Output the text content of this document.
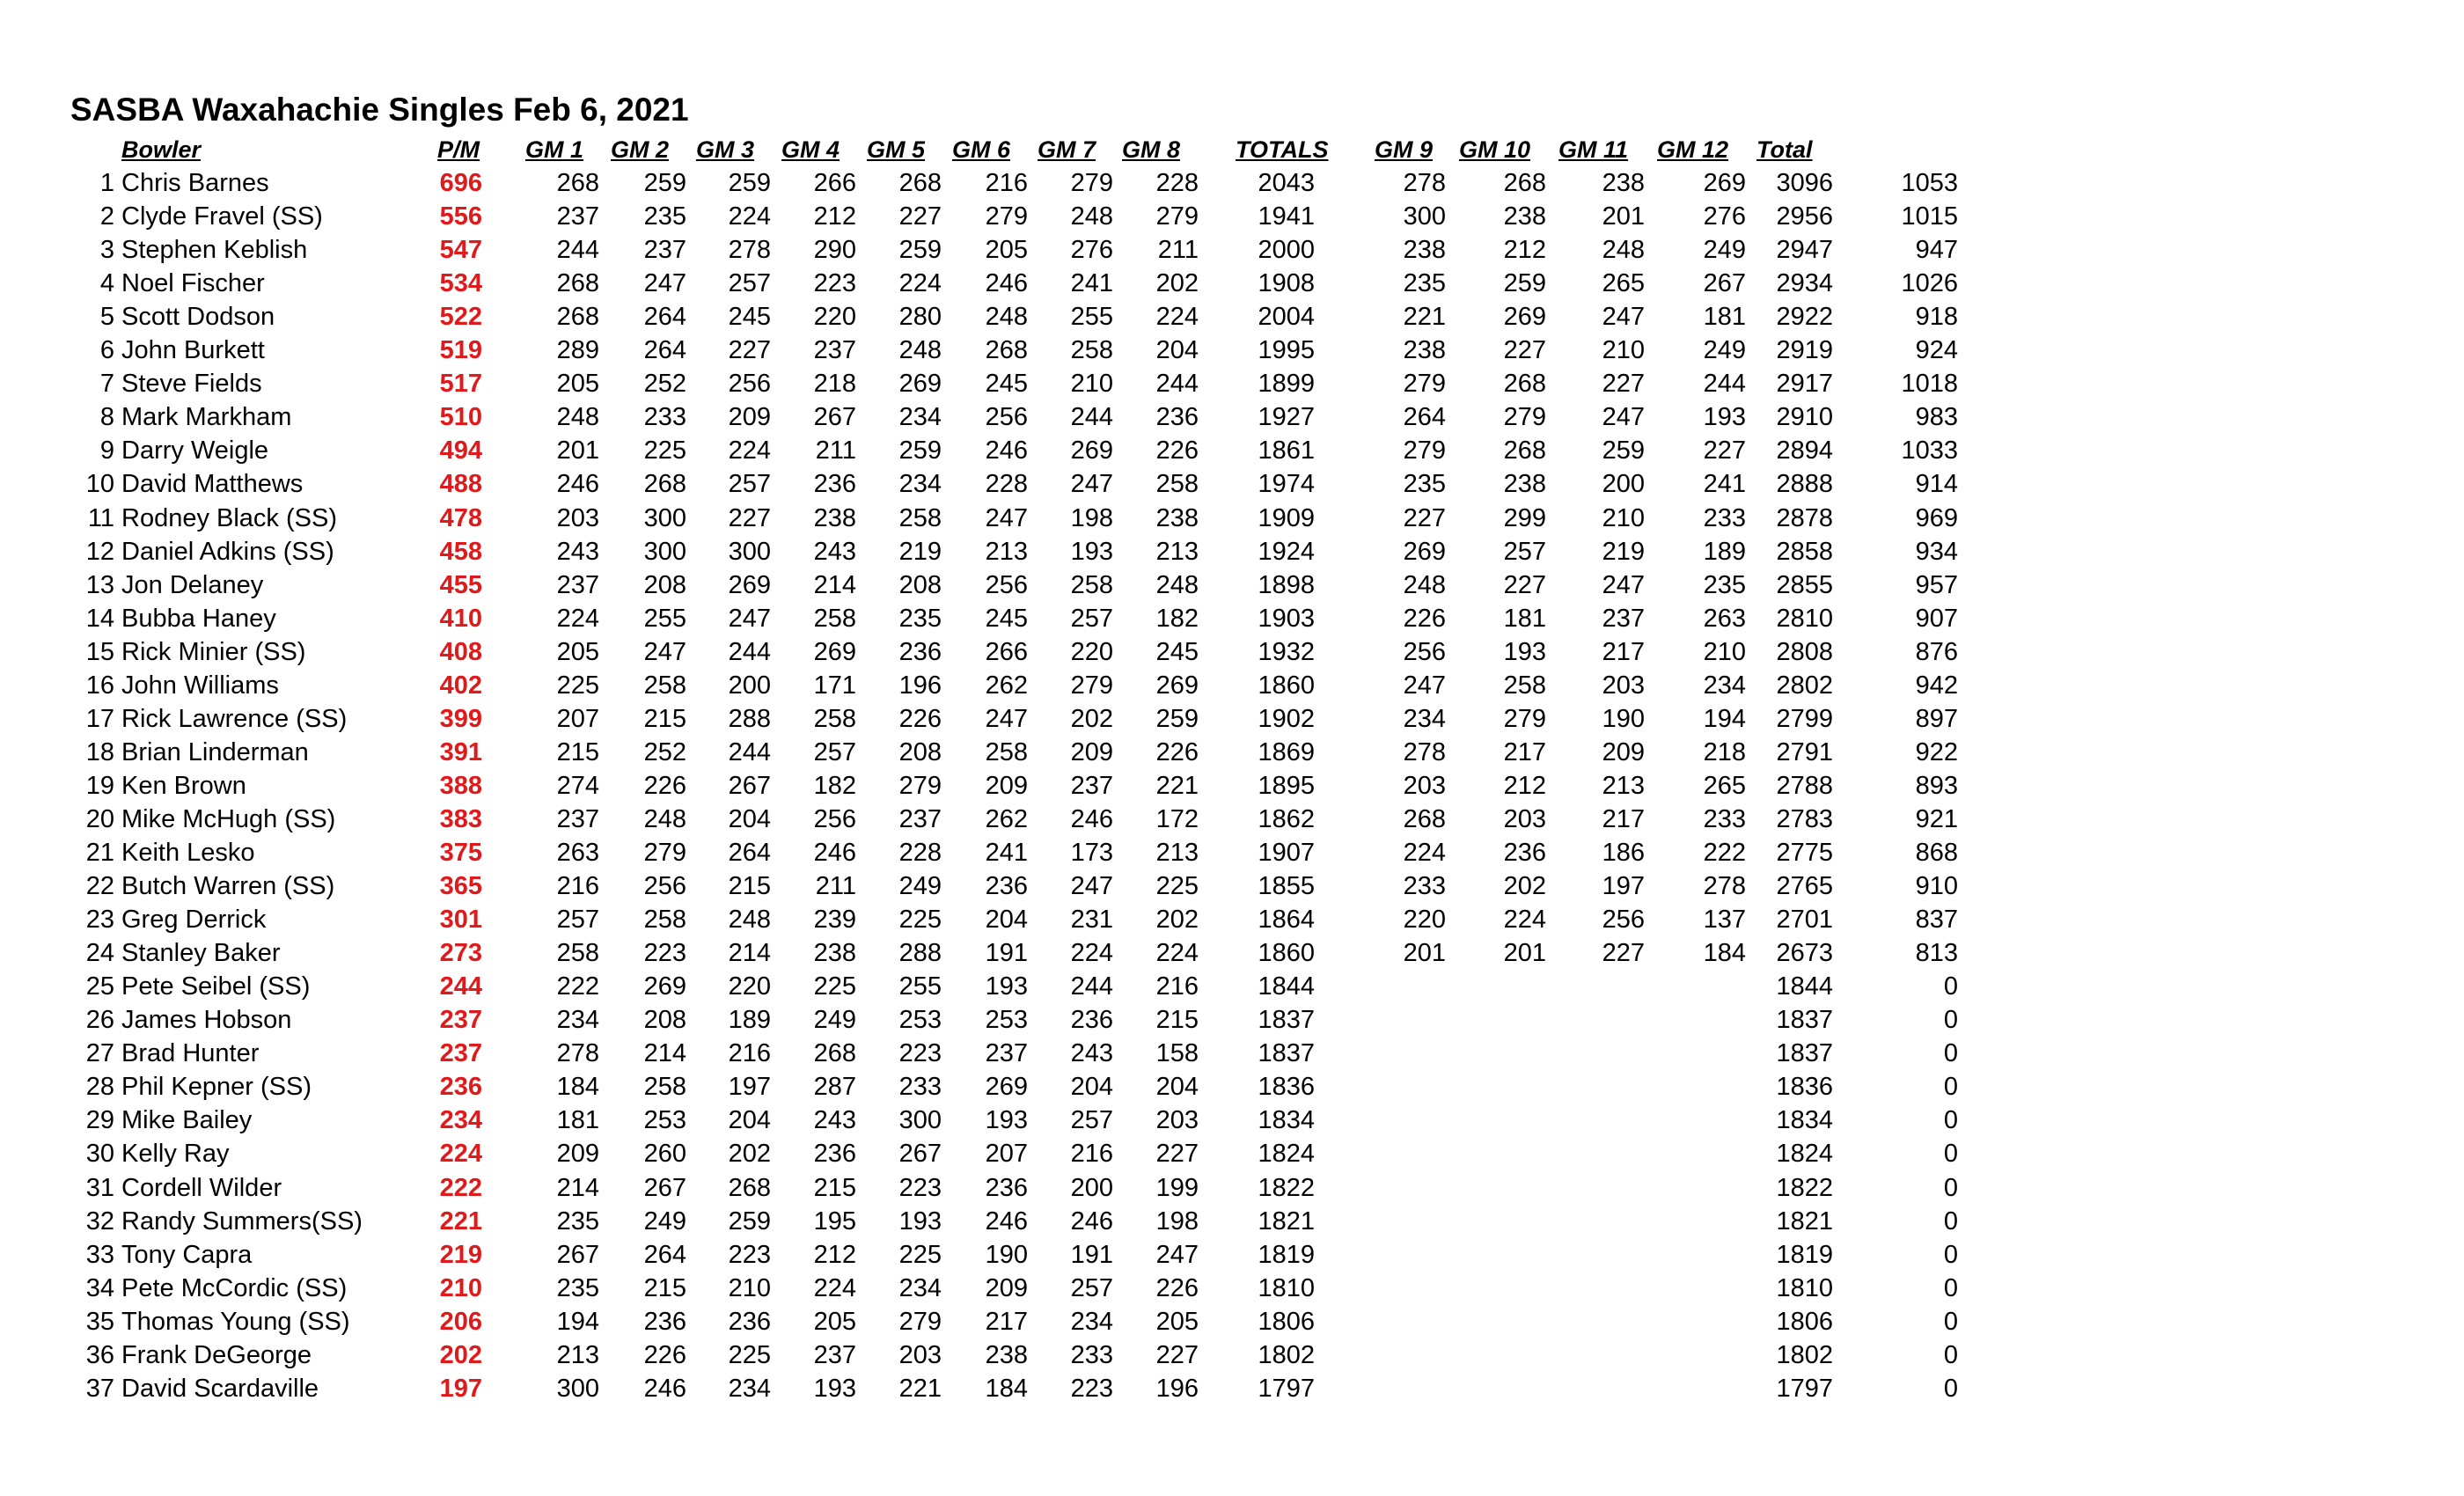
SASBA Waxahachie Singles Feb 6, 2021
Bowler	P/M GM 1 GM 2 GM 3 GM 4 GM 5 GM 6 GM 7 GM 8 TOTALS GM 9 GM 10 GM 11 GM 12 Total
1 Chris Barnes	696	268 259 259 266 268 216 279 228 2043	278 268 238 269 3096	1053
2 Clyde Fravel (SS)	556	237 235 224 212 227 279 248 279 1941	300 238 201 276 2956	1015
3 Stephen Keblish	547	244 237 278 290 259 205 276 211 2000	238 212 248 249 2947	947
4 Noel Fischer	534	268 247 257 223 224 246 241 202 1908	235 259 265 267 2934	1026
5 Scott Dodson	522	268 264 245 220 280 248 255 224 2004	221 269 247 181 2922	918
6 John Burkett	519	289 264 227 237 248 268 258 204 1995	238 227 210 249 2919	924
7 Steve Fields	517	205 252 256 218 269 245 210 244 1899	279 268 227 244 2917	1018
8 Mark Markham	510	248 233 209 267 234 256 244 236 1927	264 279 247 193 2910	983
9 Darry Weigle	494	201 225 224 211 259 246 269 226 1861	279 268 259 227 2894	1033
10 David Matthews	488	246 268 257 236 234 228 247 258 1974	235 238 200 241 2888	914
11 Rodney Black (SS)	478	203 300 227 238 258 247 198 238 1909	227 299 210 233 2878	969
12 Daniel Adkins (SS)	458	243 300 300 243 219 213 193 213 1924	269 257 219 189 2858	934
13 Jon Delaney	455	237 208 269 214 208 256 258 248 1898	248 227 247 235 2855	957
14 Bubba Haney	410	224 255 247 258 235 245 257 182 1903	226 181 237 263 2810	907
15 Rick Minier (SS)	408	205 247 244 269 236 266 220 245 1932	256 193 217 210 2808	876
16 John Williams	402	225 258 200 171 196 262 279 269 1860	247 258 203 234 2802	942
17 Rick Lawrence (SS)	399	207 215 288 258 226 247 202 259 1902	234 279 190 194 2799	897
18 Brian Linderman	391	215 252 244 257 208 258 209 226 1869	278 217 209 218 2791	922
19 Ken Brown	388	274 226 267 182 279 209 237 221 1895	203 212 213 265 2788	893
20 Mike McHugh (SS)	383	237 248 204 256 237 262 246 172 1862	268 203 217 233 2783	921
21 Keith Lesko	375	263 279 264 246 228 241 173 213 1907	224 236 186 222 2775	868
22 Butch Warren (SS)	365	216 256 215 211 249 236 247 225 1855	233 202 197 278 2765	910
23 Greg Derrick	301	257 258 248 239 225 204 231 202 1864	220 224 256 137 2701	837
24 Stanley Baker	273	258 223 214 238 288 191 224 224 1860	201 201 227 184 2673	813
25 Pete Seibel (SS)	244	222 269 220 225 255 193 244 216 1844	1844	0
26 James Hobson	237	234 208 189 249 253 253 236 215 1837	1837	0
27 Brad Hunter	237	278 214 216 268 223 237 243 158 1837	1837	0
28 Phil Kepner (SS)	236	184 258 197 287 233 269 204 204 1836	1836	0
29 Mike Bailey	234	181 253 204 243 300 193 257 203 1834	1834	0
30 Kelly Ray	224	209 260 202 236 267 207 216 227 1824	1824	0
31 Cordell Wilder	222	214 267 268 215 223 236 200 199 1822	1822	0
32 Randy Summers(SS)	221	235 249 259 195 193 246 246 198 1821	1821	0
33 Tony Capra	219	267 264 223 212 225 190 191 247 1819	1819	0
34 Pete McCordic (SS)	210	235 215 210 224 234 209 257 226 1810	1810	0
35 Thomas Young (SS)	206	194 236 236 205 279 217 234 205 1806	1806	0
36 Frank DeGeorge	202	213 226 225 237 203 238 233 227 1802	1802	0
37 David Scardaville	197	300 246 234 193 221 184 223 196 1797	1797	0
